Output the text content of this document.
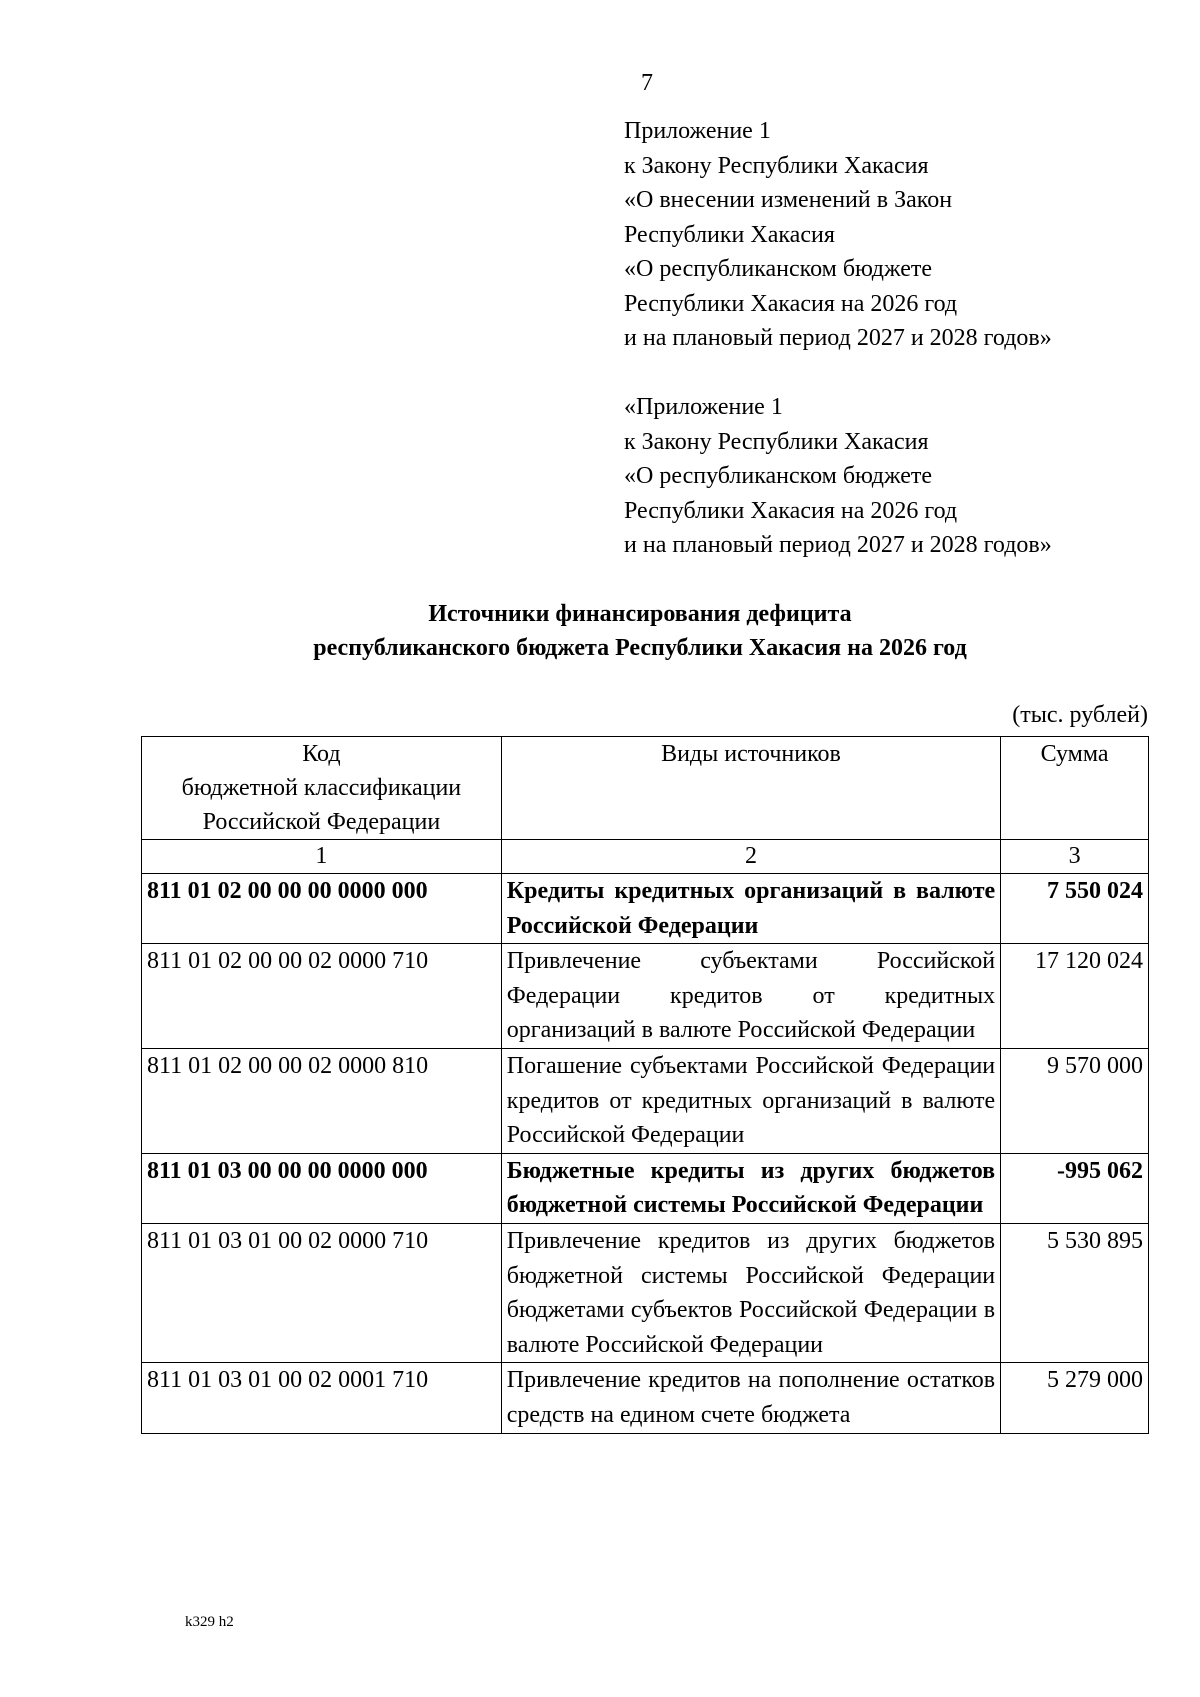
7
Приложение 1
к Закону Республики Хакасия
«О внесении изменений в Закон
Республики Хакасия
«О республиканском бюджете
Республики Хакасия на 2026 год
и на плановый период 2027 и 2028 годов»
«Приложение 1
к Закону Республики Хакасия
«О республиканском бюджете
Республики Хакасия на 2026 год
и на плановый период 2027 и 2028 годов»
Источники финансирования дефицита
республиканского бюджета Республики Хакасия на 2026 год
(тыс. рублей)
Код
бюджетной классификации
Российской Федерации	Виды источников	Сумма
1	2	3
811 01 02 00 00 00 0000 000	Кредиты кредитных организаций в валюте Российской Федерации	7 550 024
811 01 02 00 00 02 0000 710	Привлечение субъектами Российской Федерации кредитов от кредитных организаций в валюте Российской Федерации	17 120 024
811 01 02 00 00 02 0000 810	Погашение субъектами Российской Федерации кредитов от кредитных организаций в валюте Российской Федерации	9 570 000
811 01 03 00 00 00 0000 000	Бюджетные кредиты из других бюджетов бюджетной системы Российской Федерации	-995 062
811 01 03 01 00 02 0000 710	Привлечение кредитов из других бюджетов бюджетной системы Российской Федерации бюджетами субъектов Российской Федерации в валюте Российской Федерации	5 530 895
811 01 03 01 00 02 0001 710	Привлечение кредитов на пополнение остатков средств на едином счете бюджета	5 279 000
k329 h2
